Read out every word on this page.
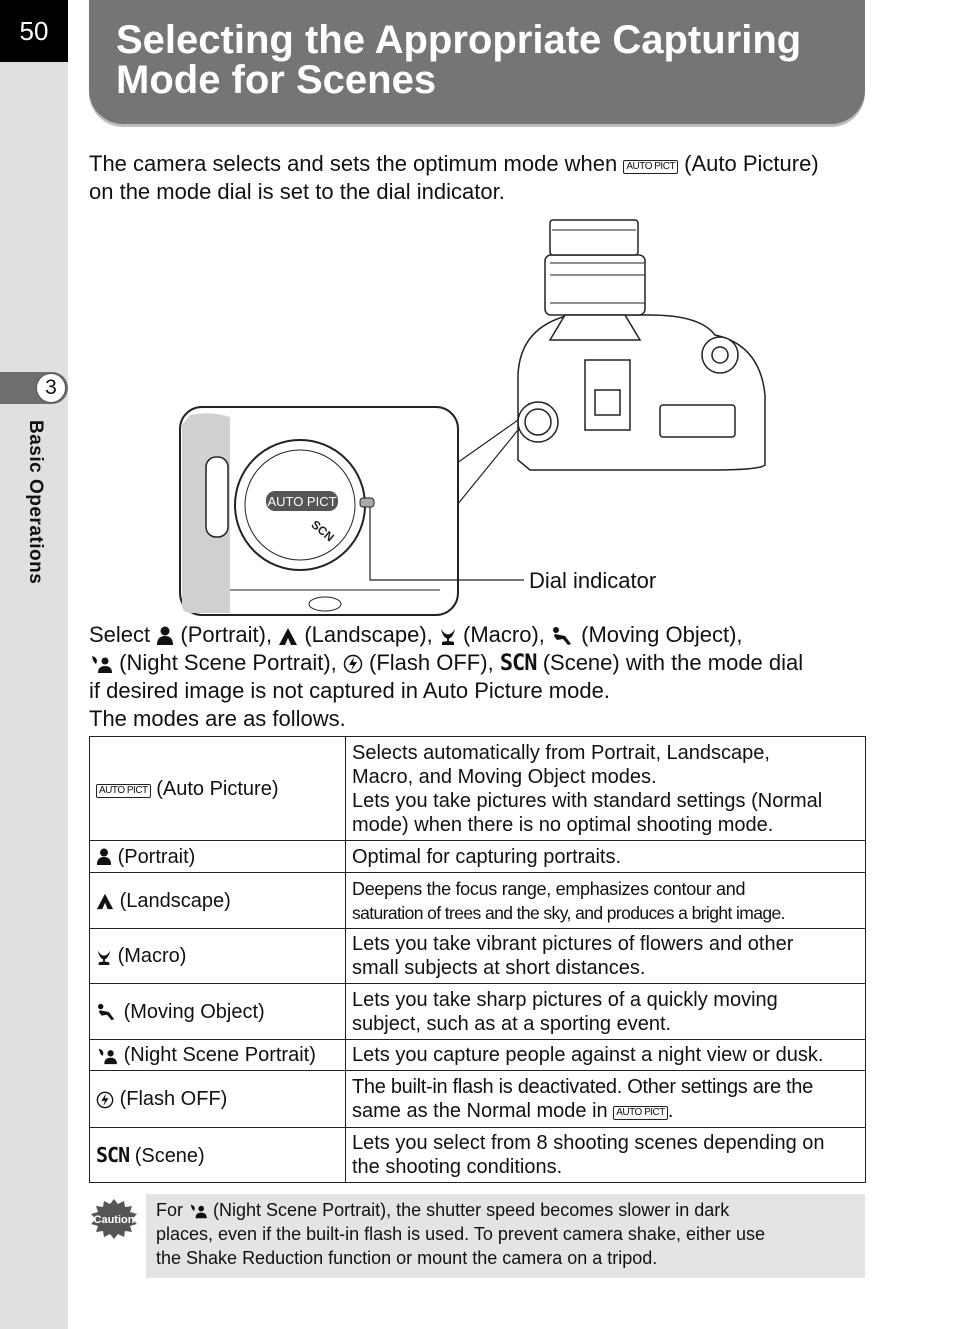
50
3
Basic Operations
Selecting the Appropriate Capturing
Mode for Scenes
The camera selects and sets the optimum mode when AUTO PICT (Auto Picture)
on the mode dial is set to the dial indicator.
AUTO PICT
SCN
Dial indicator
Select (Portrait), (Landscape), (Macro), (Moving Object),
(Night Scene Portrait), (Flash OFF), SCN (Scene) with the mode dial
if desired image is not captured in Auto Picture mode.
The modes are as follows.
AUTO PICT (Auto Picture)	Selects automatically from Portrait, Landscape,
Macro, and Moving Object modes.
Lets you take pictures with standard settings (Normal
mode) when there is no optimal shooting mode.
(Portrait)	Optimal for capturing portraits.
(Landscape)	Deepens the focus range, emphasizes contour and
saturation of trees and the sky, and produces a bright image.
(Macro)	Lets you take vibrant pictures of flowers and other
small subjects at short distances.
(Moving Object)	Lets you take sharp pictures of a quickly moving
subject, such as at a sporting event.
(Night Scene Portrait)	Lets you capture people against a night view or dusk.
(Flash OFF)	The built-in flash is deactivated. Other settings are the
same as the Normal mode in AUTO PICT .
SCN (Scene)	Lets you select from 8 shooting scenes depending on
the shooting conditions.
Caution	For (Night Scene Portrait), the shutter speed becomes slower in dark
places, even if the built-in flash is used. To prevent camera shake, either use
the Shake Reduction function or mount the camera on a tripod.
